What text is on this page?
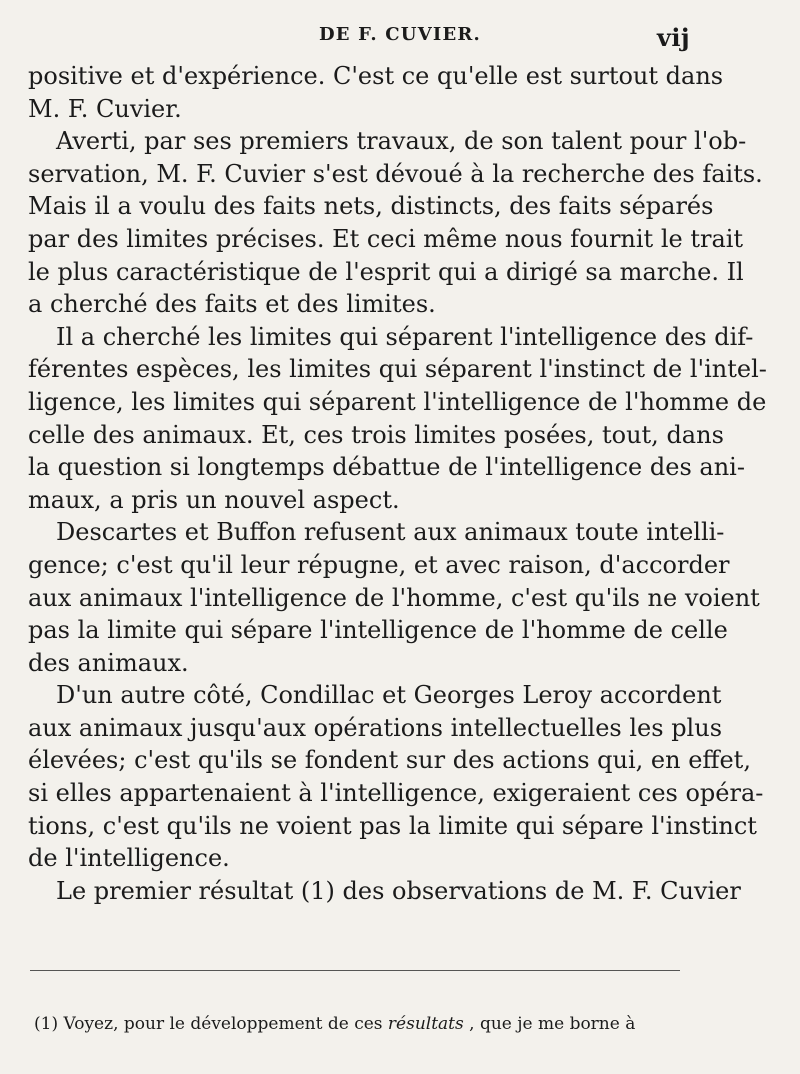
DE F. CUVIER.	vij
positive et d'expérience. C'est ce qu'elle est surtout dans
M. F. Cuvier.
Averti, par ses premiers travaux, de son talent pour l'ob-
servation, M. F. Cuvier s'est dévoué à la recherche des faits.
Mais il a voulu des faits nets, distincts, des faits séparés
par des limites précises. Et ceci même nous fournit le trait
le plus caractéristique de l'esprit qui a dirigé sa marche. Il
a cherché des faits et des limites.
Il a cherché les limites qui séparent l'intelligence des dif-
férentes espèces, les limites qui séparent l'instinct de l'intel-
ligence, les limites qui séparent l'intelligence de l'homme de
celle des animaux. Et, ces trois limites posées, tout, dans
la question si longtemps débattue de l'intelligence des ani-
maux, a pris un nouvel aspect.
Descartes et Buffon refusent aux animaux toute intelli-
gence; c'est qu'il leur répugne, et avec raison, d'accorder
aux animaux l'intelligence de l'homme, c'est qu'ils ne voient
pas la limite qui sépare l'intelligence de l'homme de celle
des animaux.
D'un autre côté, Condillac et Georges Leroy accordent
aux animaux jusqu'aux opérations intellectuelles les plus
élevées; c'est qu'ils se fondent sur des actions qui, en effet,
si elles appartenaient à l'intelligence, exigeraient ces opéra-
tions, c'est qu'ils ne voient pas la limite qui sépare l'instinct
de l'intelligence.
Le premier résultat (1) des observations de M. F. Cuvier
(1) Voyez, pour le développement de ces résultats , que je me borne à
